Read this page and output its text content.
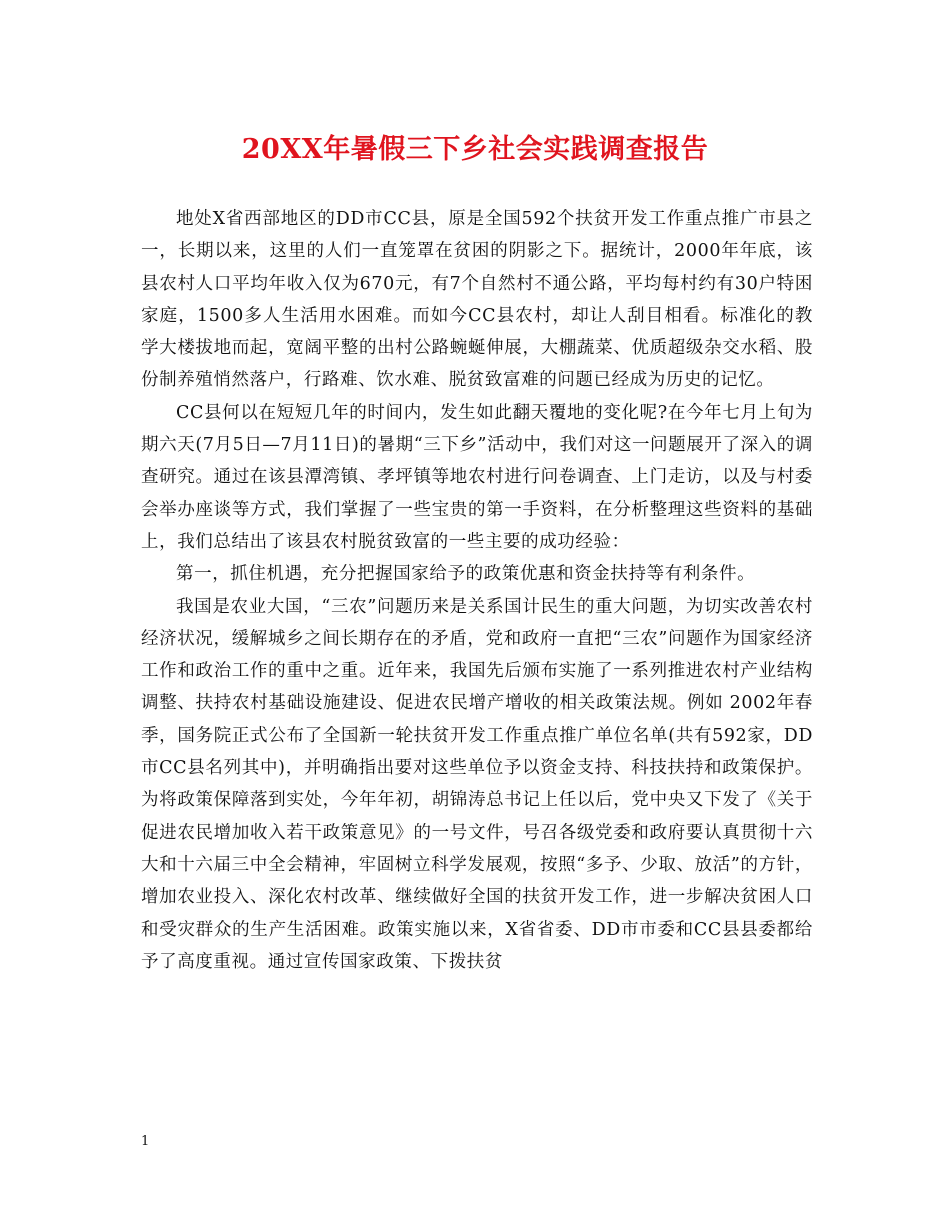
20XX年暑假三下乡社会实践调查报告

地处X省西部地区的DD市CC县，原是全国592个扶贫开发工作重点推广市县之一，长期以来，这里的人们一直笼罩在贫困的阴影之下。据统计，2000年年底，该县农村人口平均年收入仅为670元，有7个自然村不通公路，平均每村约有30户特困家庭，1500多人生活用水困难。而如今CC县农村，却让人刮目相看。标准化的教学大楼拔地而起，宽阔平整的出村公路蜿蜒伸展，大棚蔬菜、优质超级杂交水稻、股份制养殖悄然落户，行路难、饮水难、脱贫致富难的问题已经成为历史的记忆。

CC县何以在短短几年的时间内，发生如此翻天覆地的变化呢?在今年七月上旬为期六天(7月5日—7月11日)的暑期“三下乡”活动中，我们对这一问题展开了深入的调查研究。通过在该县潭湾镇、孝坪镇等地农村进行问卷调查、上门走访，以及与村委会举办座谈等方式，我们掌握了一些宝贵的第一手资料，在分析整理这些资料的基础上，我们总结出了该县农村脱贫致富的一些主要的成功经验：

第一，抓住机遇，充分把握国家给予的政策优惠和资金扶持等有利条件。

我国是农业大国，“三农”问题历来是关系国计民生的重大问题，为切实改善农村经济状况，缓解城乡之间长期存在的矛盾，党和政府一直把“三农”问题作为国家经济工作和政治工作的重中之重。近年来，我国先后颁布实施了一系列推进农村产业结构调整、扶持农村基础设施建设、促进农民增产增收的相关政策法规。例如 2002年春季，国务院正式公布了全国新一轮扶贫开发工作重点推广单位名单(共有592家，DD市CC县名列其中)，并明确指出要对这些单位予以资金支持、科技扶持和政策保护。为将政策保障落到实处，今年年初，胡锦涛总书记上任以后，党中央又下发了《关于促进农民增加收入若干政策意见》的一号文件，号召各级党委和政府要认真贯彻十六大和十六届三中全会精神，牢固树立科学发展观，按照“多予、少取、放活”的方针，增加农业投入、深化农村改革、继续做好全国的扶贫开发工作，进一步解决贫困人口和受灾群众的生产生活困难。政策实施以来，X省省委、DD市市委和CC县县委都给予了高度重视。通过宣传国家政策、下拨扶贫

1
